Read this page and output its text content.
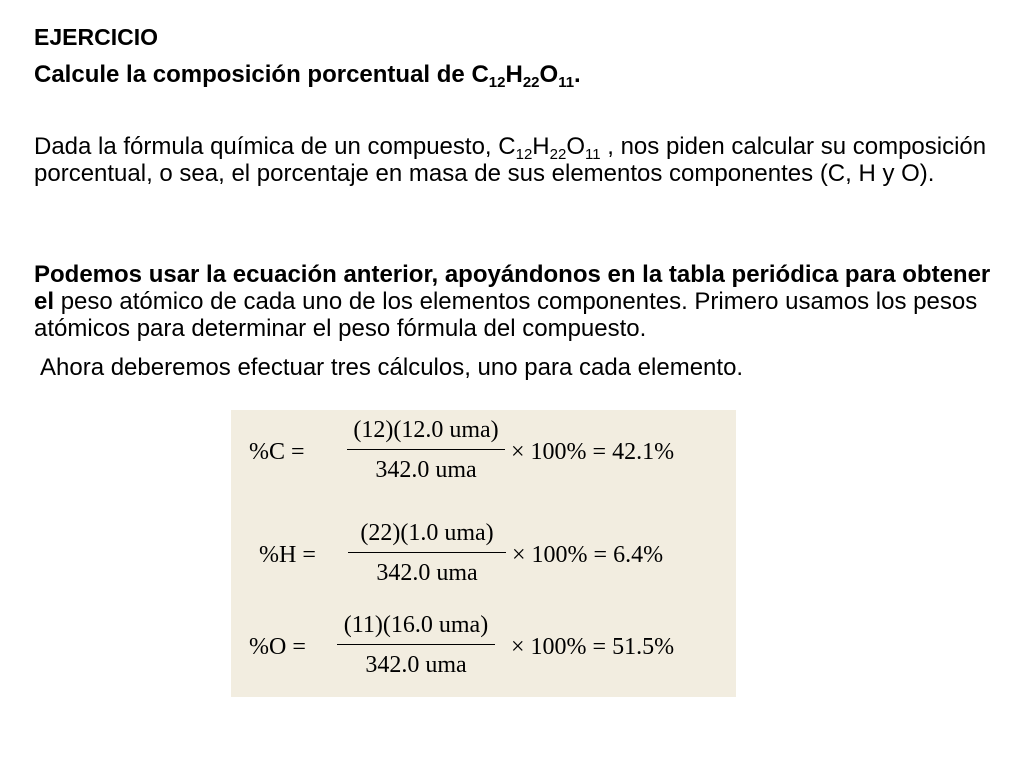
EJERCICIO
Calcule la composición porcentual de $C_{12}H_{22}O_{11}$.
Dada la fórmula química de un compuesto, $C_{12}H_{22}O_{11}$ , nos piden calcular su composición porcentual, o sea, el porcentaje en masa de sus elementos componentes (C, H y O).
Podemos usar la ecuación anterior, apoyándonos en la tabla periódica para obtener el peso atómico de cada uno de los elementos componentes. Primero usamos los pesos atómicos para determinar el peso fórmula del compuesto.
Ahora deberemos efectuar tres cálculos, uno para cada elemento.
%C =
(12)(12.0 uma)
342.0 uma
× 100% = 42.1%
%H =
(22)(1.0 uma)
342.0 uma
× 100% = 6.4%
%O =
(11)(16.0 uma)
342.0 uma
× 100% = 51.5%
